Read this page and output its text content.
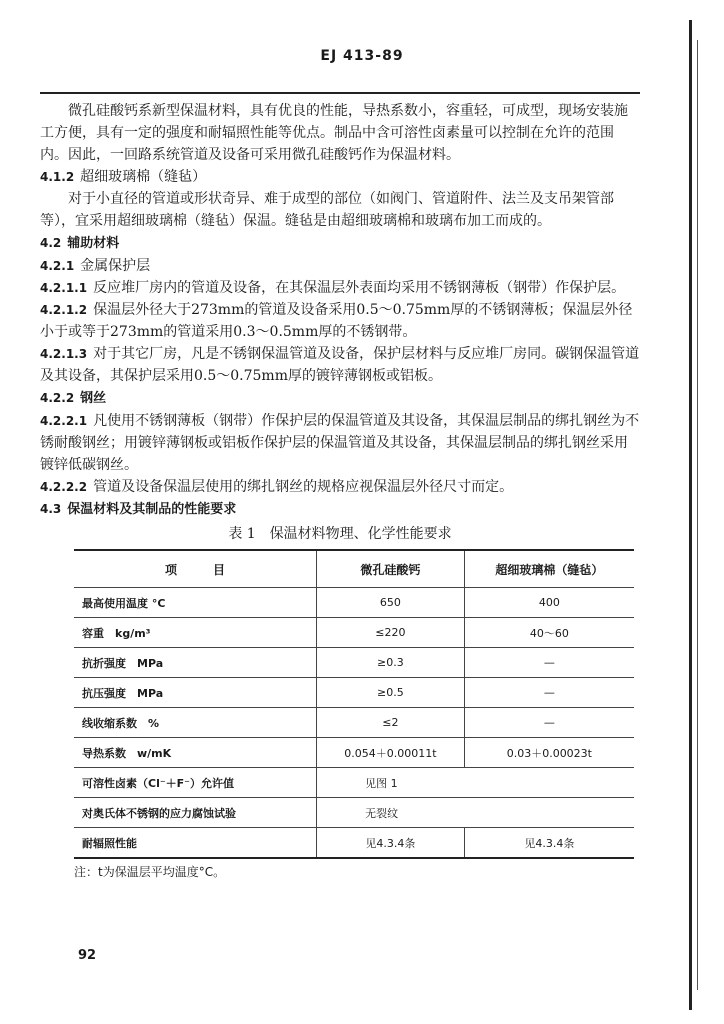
EJ 413-89

微孔硅酸钙系新型保温材料，具有优良的性能，导热系数小，容重轻，可成型，现场安装施工方便，具有一定的强度和耐辐照性能等优点。制品中含可溶性卤素量可以控制在允许的范围内。因此，一回路系统管道及设备可采用微孔硅酸钙作为保温材料。

4.1.2 超细玻璃棉（缝毡）

对于小直径的管道或形状奇异、难于成型的部位（如阀门、管道附件、法兰及支吊架管部等），宜采用超细玻璃棉（缝毡）保温。缝毡是由超细玻璃棉和玻璃布加工而成的。

4.2 辅助材料

4.2.1 金属保护层

4.2.1.1 反应堆厂房内的管道及设备，在其保温层外表面均采用不锈钢薄板（钢带）作保护层。

4.2.1.2 保温层外径大于273mm的管道及设备采用0.5～0.75mm厚的不锈钢薄板；保温层外径小于或等于273mm的管道采用0.3～0.5mm厚的不锈钢带。

4.2.1.3 对于其它厂房，凡是不锈钢保温管道及设备，保护层材料与反应堆厂房同。碳钢保温管道及其设备，其保护层采用0.5～0.75mm厚的镀锌薄钢板或铝板。

4.2.2 钢丝

4.2.2.1 凡使用不锈钢薄板（钢带）作保护层的保温管道及其设备，其保温层制品的绑扎钢丝为不锈耐酸钢丝；用镀锌薄钢板或铝板作保护层的保温管道及其设备，其保温层制品的绑扎钢丝采用镀锌低碳钢丝。

4.2.2.2 管道及设备保温层使用的绑扎钢丝的规格应视保温层外径尺寸而定。

4.3 保温材料及其制品的性能要求

表 1　保温材料物理、化学性能要求
项　　　目	微孔硅酸钙	超细玻璃棉（缝毡）
最高使用温度 °C	650	400
容重　kg/m³	≤220	40～60
抗折强度　MPa	≥0.3	—
抗压强度　MPa	≥0.5	—
线收缩系数　%	≤2	—
导热系数　w/mK	0.054＋0.00011t	0.03＋0.00023t
可溶性卤素（Cl⁻＋F⁻）允许值	见图 1	
对奥氏体不锈钢的应力腐蚀试验	无裂纹	
耐辐照性能	见4.3.4条	见4.3.4条
注：t为保温层平均温度°C。
92
